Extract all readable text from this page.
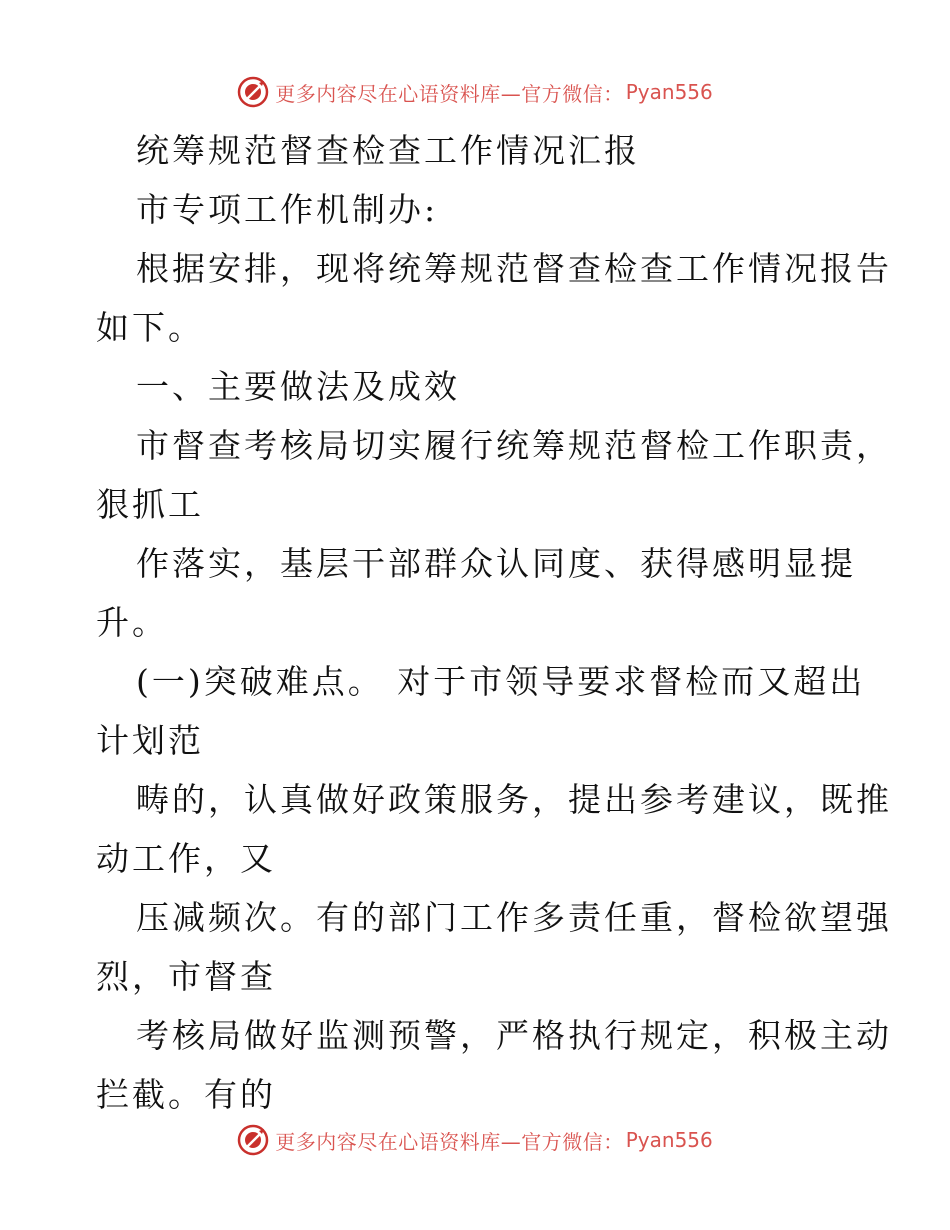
更多内容尽在心语资料库—官方微信： Pyan556
统筹规范督查检查工作情况汇报
市专项工作机制办:
根据安排，现将统筹规范督查检查工作情况报告
如下。
一、主要做法及成效
市督查考核局切实履行统筹规范督检工作职责，
狠抓工
作落实，基层干部群众认同度、获得感明显提
升。
(一)突破难点。 对于市领导要求督检而又超出
计划范
畴的，认真做好政策服务，提出参考建议，既推
动工作，又
压减频次。有的部门工作多责任重，督检欲望强
烈，市督查
考核局做好监测预警，严格执行规定，积极主动
拦截。有的
更多内容尽在心语资料库—官方微信： Pyan556
